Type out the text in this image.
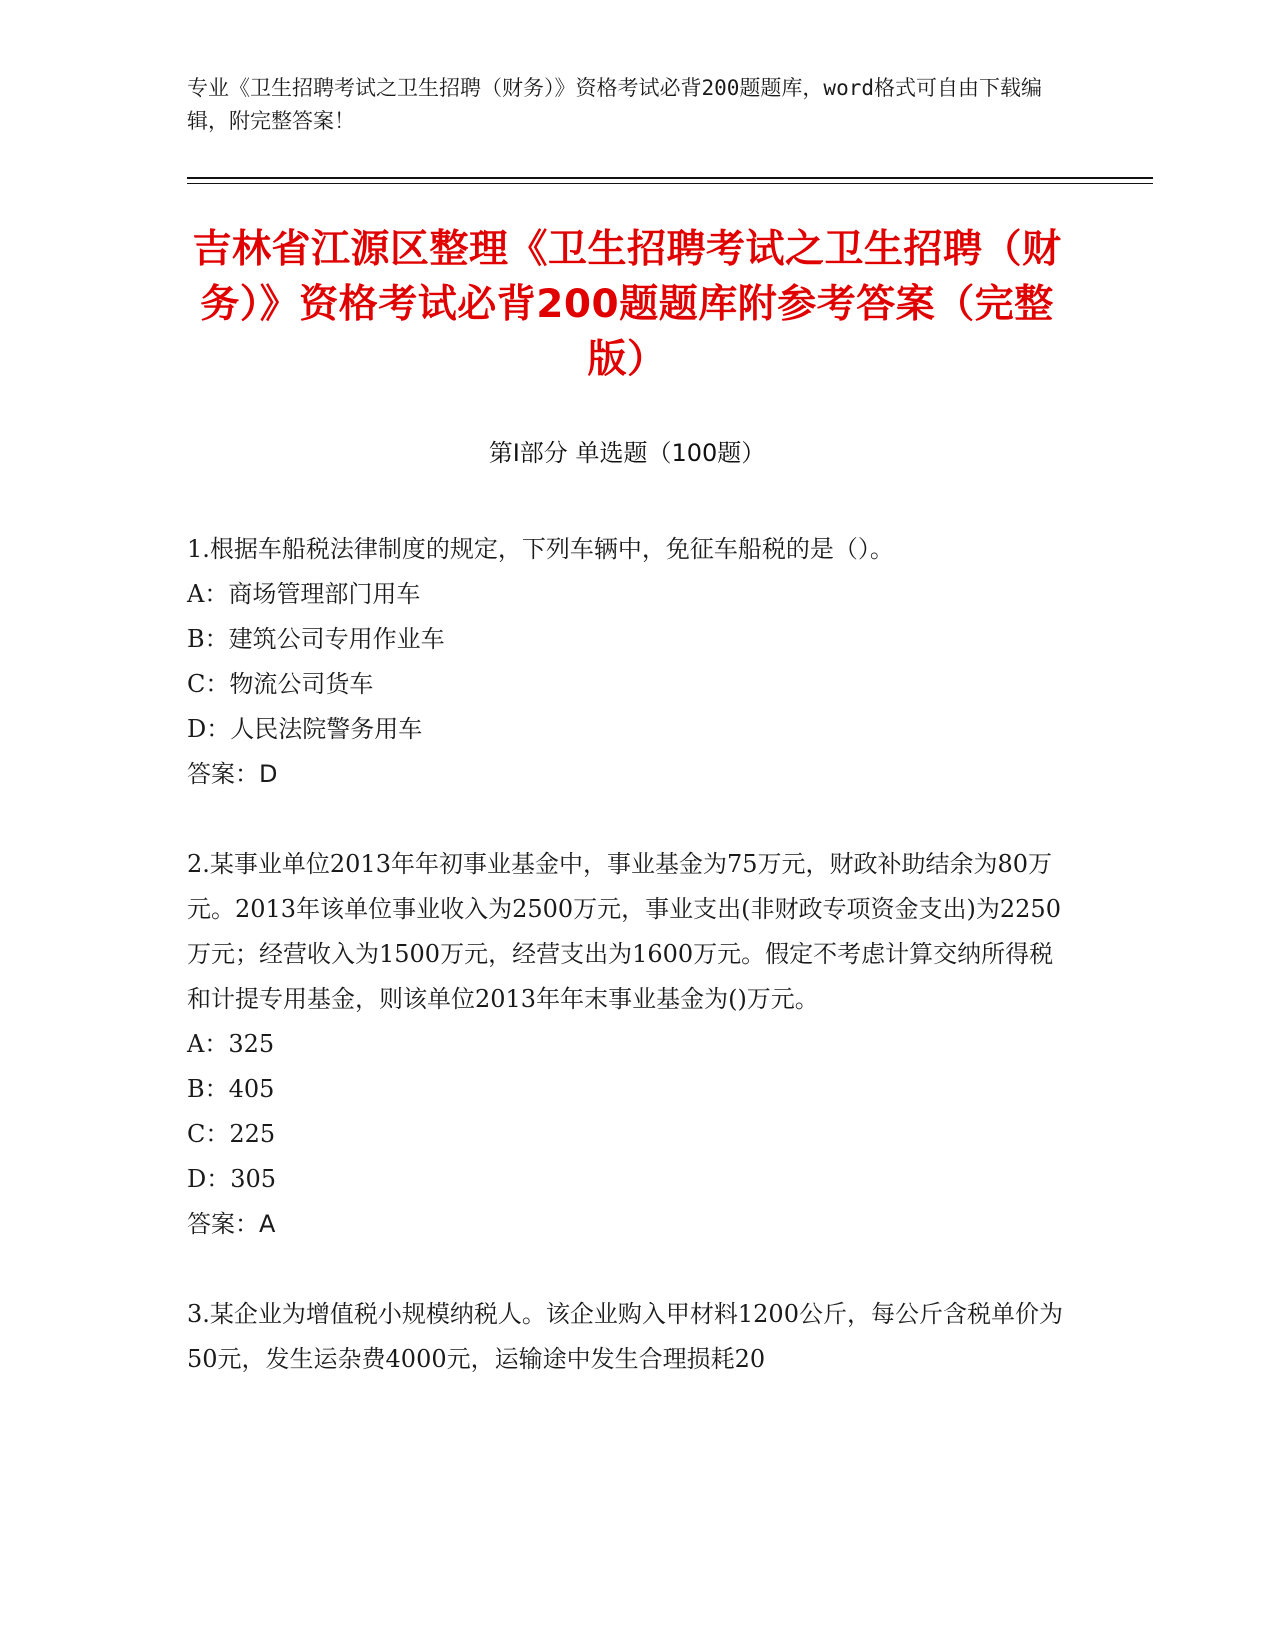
专业《卫生招聘考试之卫生招聘（财务）》资格考试必背200题题库，word格式可自由下载编辑，附完整答案！
吉林省江源区整理《卫生招聘考试之卫生招聘（财务）》资格考试必背200题题库附参考答案（完整版）
第I部分 单选题（100题）

1.根据车船税法律制度的规定，下列车辆中，免征车船税的是（）。

A：商场管理部门用车

B：建筑公司专用作业车

C：物流公司货车

D：人民法院警务用车

答案：D

2.某事业单位2013年年初事业基金中，事业基金为75万元，财政补助结余为80万元。2013年该单位事业收入为2500万元，事业支出(非财政专项资金支出)为2250万元；经营收入为1500万元，经营支出为1600万元。假定不考虑计算交纳所得税和计提专用基金，则该单位2013年年末事业基金为()万元。

A：325

B：405

C：225

D：305

答案：A

3.某企业为增值税小规模纳税人。该企业购入甲材料1200公斤，每公斤含税单价为50元，发生运杂费4000元，运输途中发生合理损耗20
